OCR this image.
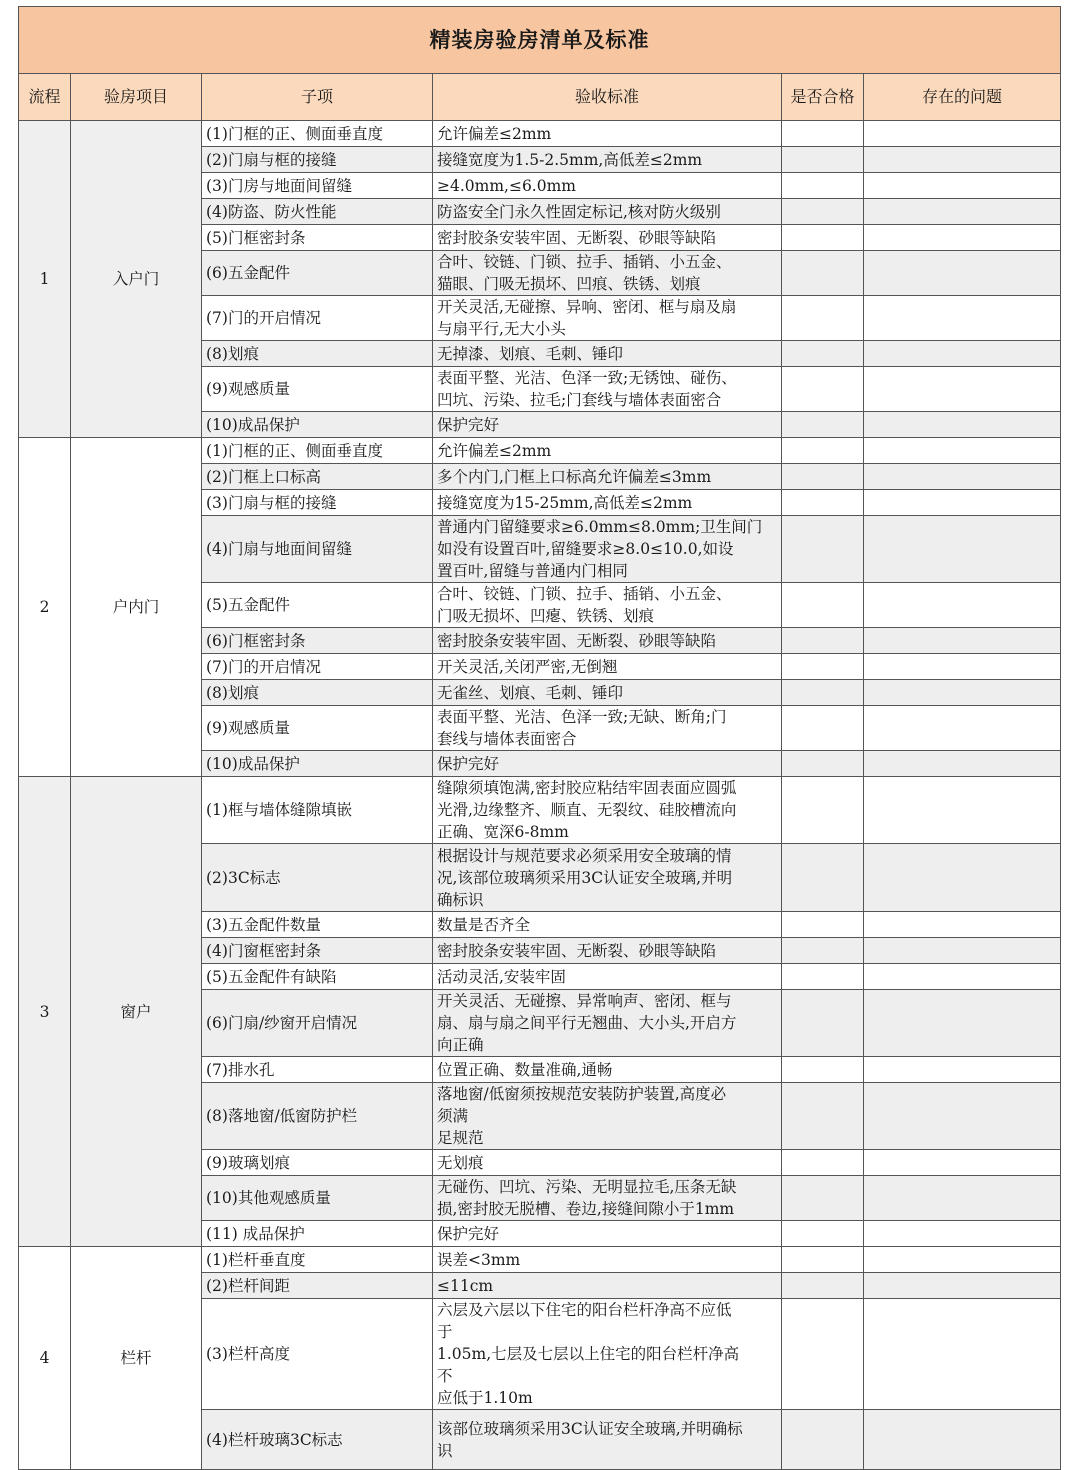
精装房验房清单及标准					
流程	验房项目	子项	验收标准	是否合格	存在的问题
1	入户门	(1)门框的正、侧面垂直度	允许偏差≤2mm		
		(2)门扇与框的接缝	接缝宽度为1.5-2.5mm,高低差≤2mm		
		(3)门房与地面间留缝	≥4.0mm,≤6.0mm		
		(4)防盗、防火性能	防盗安全门永久性固定标记,核对防火级别		
		(5)门框密封条	密封胶条安装牢固、无断裂、砂眼等缺陷		
		(6)五金配件	合叶、铰链、门锁、拉手、插销、小五金、
猫眼、门吸无损坏、凹痕、铁锈、划痕		
		(7)门的开启情况	开关灵活,无碰擦、异响、密闭、框与扇及扇
与扇平行,无大小头		
		(8)划痕	无掉漆、划痕、毛刺、锤印		
		(9)观感质量	表面平整、光洁、色泽一致;无锈蚀、碰伤、
凹坑、污染、拉毛;门套线与墙体表面密合		
		(10)成品保护	保护完好		
2	户内门	(1)门框的正、侧面垂直度	允许偏差≤2mm		
		(2)门框上口标高	多个内门,门框上口标高允许偏差≤3mm		
		(3)门扇与框的接缝	接缝宽度为15-25mm,高低差≤2mm		
		(4)门扇与地面间留缝	普通内门留缝要求≥6.0mm≤8.0mm;卫生间门
如没有设置百叶,留缝要求≥8.0≤10.0,如设
置百叶,留缝与普通内门相同		
		(5)五金配件	合叶、铰链、门锁、拉手、插销、小五金、
门吸无损坏、凹瘪、铁锈、划痕		
		(6)门框密封条	密封胶条安装牢固、无断裂、砂眼等缺陷		
		(7)门的开启情况	开关灵活,关闭严密,无倒翘		
		(8)划痕	无雀丝、划痕、毛刺、锤印		
		(9)观感质量	表面平整、光洁、色泽一致;无缺、断角;门
套线与墙体表面密合		
		(10)成品保护	保护完好		
3	窗户	(1)框与墙体缝隙填嵌	缝隙须填饱满,密封胶应粘结牢固表面应圆弧
光滑,边缘整齐、顺直、无裂纹、硅胶槽流向
正确、宽深6-8mm		
		(2)3C标志	根据设计与规范要求必须采用安全玻璃的情
况,该部位玻璃须采用3C认证安全玻璃,并明
确标识		
		(3)五金配件数量	数量是否齐全		
		(4)门窗框密封条	密封胶条安装牢固、无断裂、砂眼等缺陷		
		(5)五金配件有缺陷	活动灵活,安装牢固		
		(6)门扇/纱窗开启情况	开关灵活、无碰擦、异常响声、密闭、框与
扇、扇与扇之间平行无翘曲、大小头,开启方
向正确		
		(7)排水孔	位置正确、数量准确,通畅		
		(8)落地窗/低窗防护栏	落地窗/低窗须按规范安装防护装置,高度必
须满
足规范		
		(9)玻璃划痕	无划痕		
		(10)其他观感质量	无碰伤、凹坑、污染、无明显拉毛,压条无缺
损,密封胶无脱槽、卷边,接缝间隙小于1mm		
		(11) 成品保护	保护完好		
4	栏杆	(1)栏杆垂直度	误差<3mm		
		(2)栏杆间距	≤11cm		
		(3)栏杆高度	六层及六层以下住宅的阳台栏杆净高不应低
于
1.05m,七层及七层以上住宅的阳台栏杆净高
不
应低于1.10m		
		(4)栏杆玻璃3C标志	该部位玻璃须采用3C认证安全玻璃,并明确标
识		
